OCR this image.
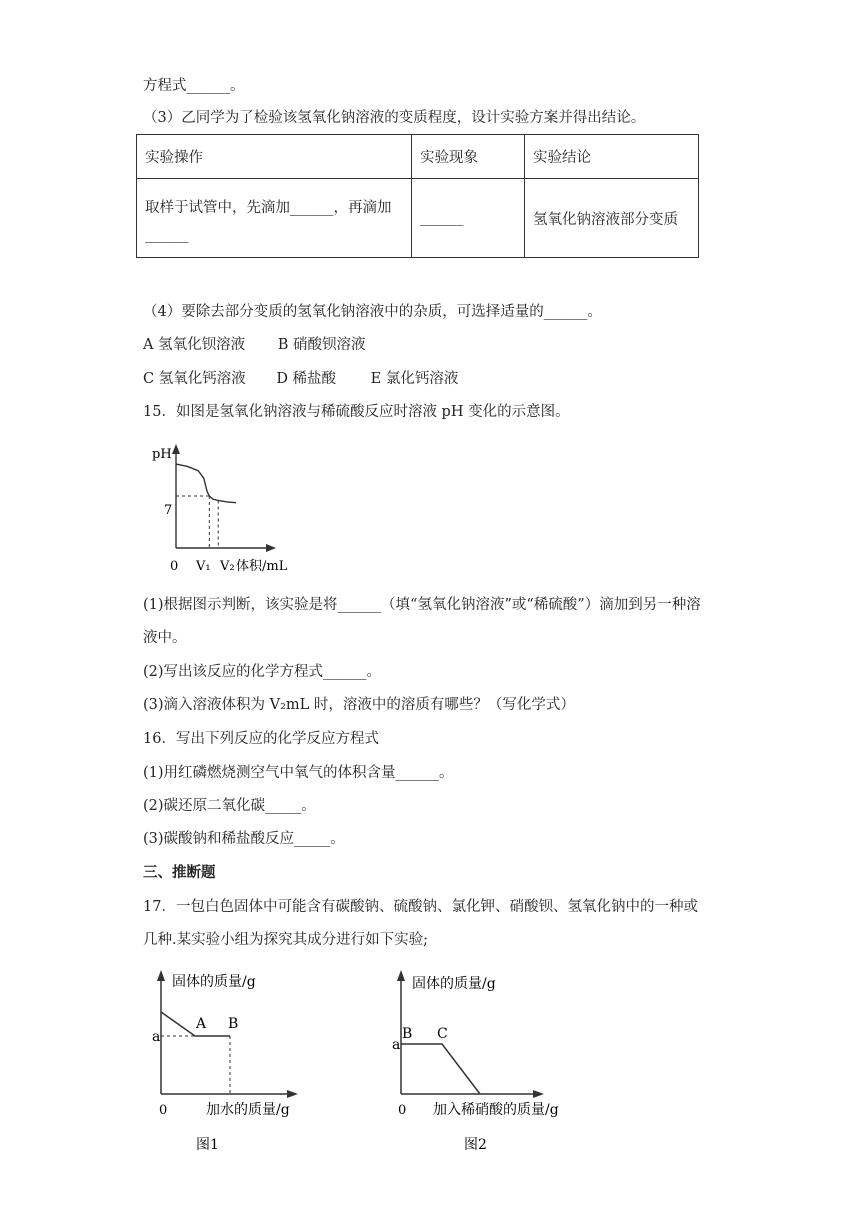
方程式______。
（3）乙同学为了检验该氢氧化钠溶液的变质程度，设计实验方案并得出结论。
实验操作	实验现象	实验结论

取样于试管中，先滴加______，再滴加
______	______	氢氧化钠溶液部分变质
（4）要除去部分变质的氢氧化钠溶液中的杂质，可选择适量的______。
A 氢氧化钡溶液 B 硝酸钡溶液
C 氢氧化钙溶液 D 稀盐酸 E 氯化钙溶液
15．如图是氢氧化钠溶液与稀硫酸反应时溶液 pH 变化的示意图。
pH
7
0 V₁ V₂ 体积/mL
(1)根据图示判断，该实验是将______（填“氢氧化钠溶液”或“稀硫酸”）滴加到另一种溶
液中。
(2)写出该反应的化学方程式______。
(3)滴入溶液体积为 V₂mL 时，溶液中的溶质有哪些？（写化学式）
16．写出下列反应的化学反应方程式
(1)用红磷燃烧测空气中氧气的体积含量______。
(2)碳还原二氧化碳_____。
(3)碳酸钠和稀盐酸反应_____。
三、推断题
17．一包白色固体中可能含有碳酸钠、硫酸钠、氯化钾、硝酸钡、氢氧化钠中的一种或
几种.某实验小组为探究其成分进行如下实验;
固体的质量/g
A B
a
0	加水的质量/g
图1
固体的质量/g
B C
a
0 加入稀硝酸的质量/g
图2
